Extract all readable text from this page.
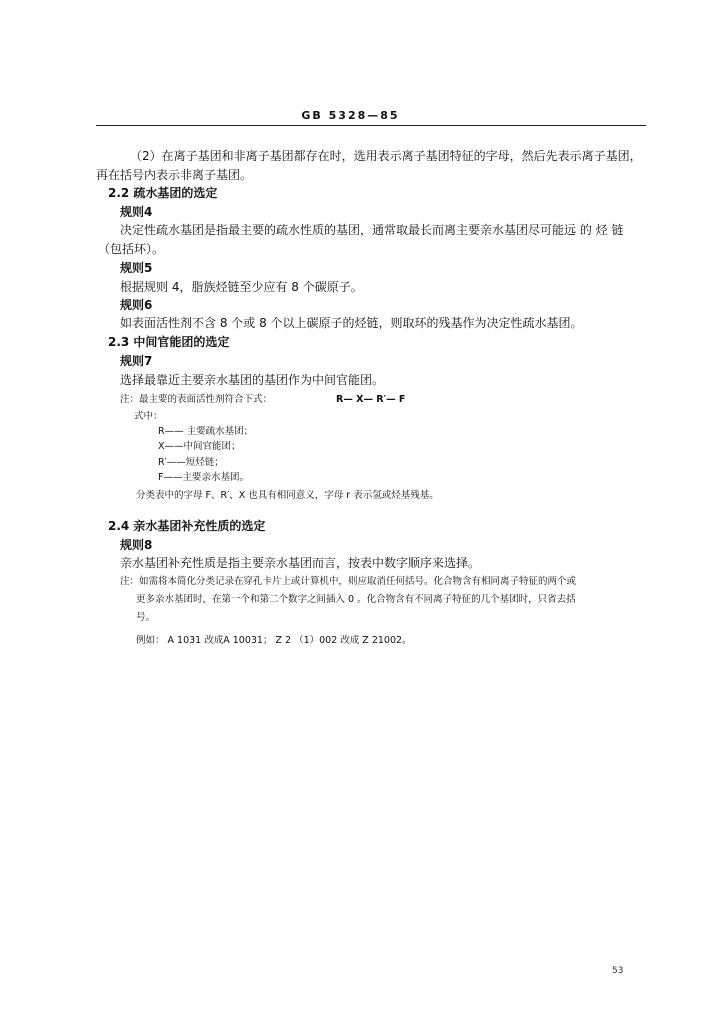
GB 5328—85
（2）在离子基团和非离子基团都存在时，选用表示离子基团特征的字母，然后先表示离子基团，
再在括号内表示非离子基团。
2.2 疏水基团的选定
规则4
决定性疏水基团是指最主要的疏水性质的基团，通常取最长而离主要亲水基团尽可能远 的 烃 链
（包括环）。
规则5
根据规则 4，脂族烃链至少应有 8 个碳原子。
规则6
如表面活性剂不含 8 个或 8 个以上碳原子的烃链，则取环的残基作为决定性疏水基团。
2.3 中间官能团的选定
规则7
选择最靠近主要亲水基团的基团作为中间官能团。
注：最主要的表面活性剂符合下式：	R— X— R′— F
式中：
R—— 主要疏水基团；
X——中间官能团；
R′——短烃链；
F——主要亲水基团。
分类表中的字母 F、R′、X 也具有相同意义，字母 r 表示氢或烃基残基。
2.4 亲水基团补充性质的选定
规则8
亲水基团补充性质是指主要亲水基团而言，按表中数字顺序来选择。
注：如需将本简化分类记录在穿孔卡片上或计算机中，则应取消任何括号。化合物含有相同离子特征的两个或
更多亲水基团时，在第一个和第二个数字之间插入 0 。化合物含有不同离子特征的几个基团时，只省去括
号。
例如： A 1031 改成A 10031； Z 2 （1）002 改成 Z 21002。
53
